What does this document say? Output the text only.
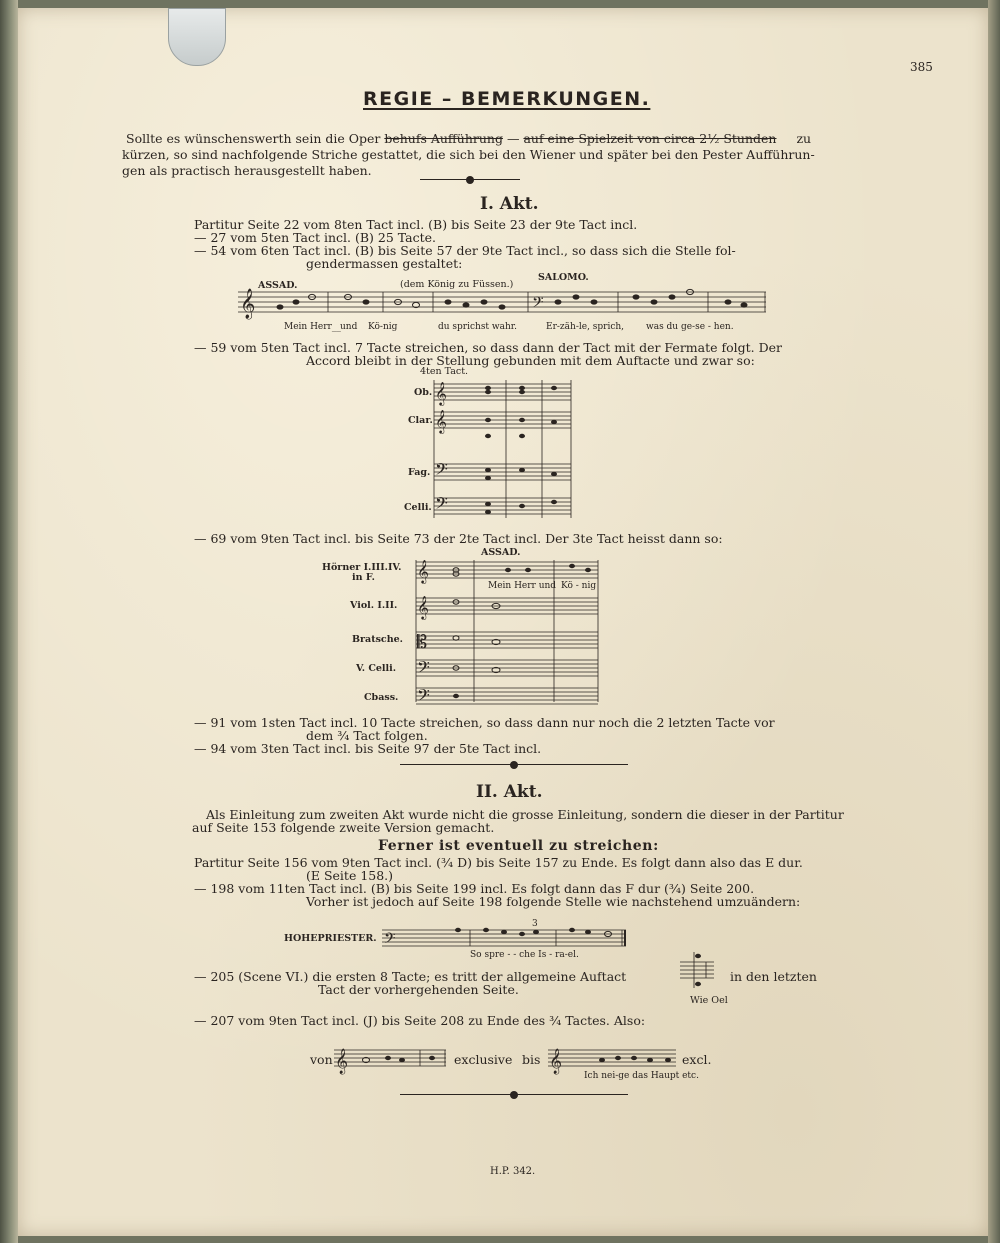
385
REGIE – BEMERKUNGEN.
Sollte es wünschenswerth sein die Oper behufs Aufführung — auf eine Spielzeit von circa 2½ Stunden zu
kürzen, so sind nachfolgende Striche gestattet, die sich bei den Wiener und später bei den Pester Aufführun-
gen als practisch herausgestellt haben.
I. Akt.
Partitur Seite 22 vom 8ten Tact incl. (B) bis Seite 23 der 9te Tact incl.
— 27 vom 5ten Tact incl. (B) 25 Tacte.
— 54 vom 6ten Tact incl. (B) bis Seite 57 der 9te Tact incl., so dass sich die Stelle fol-
gendermassen gestaltet:
ASSAD.	(dem König zu Füssen.)
SALOMO.
𝄞	𝄢
Mein Herr__ und Kö-nig	du sprichst wahr.	Er-zäh-le, sprich, was du ge-se - hen.
— 59 vom 5ten Tact incl. 7 Tacte streichen, so dass dann der Tact mit der Fermate folgt. Der
Accord bleibt in der Stellung gebunden mit dem Auftacte und zwar so:
4ten Tact.
Ob.
Clar.
Fag.
Celli.
𝄞
𝄞
𝄢
𝄢
— 69 vom 9ten Tact incl. bis Seite 73 der 2te Tact incl. Der 3te Tact heisst dann so:
ASSAD.
Hörner I.III.IV.
in F.
Viol. I.II.
Bratsche.
V. Celli.
Cbass.
𝄞
𝄞
𝄡
𝄢
𝄢
Mein Herr und Kö - nig
— 91 vom 1sten Tact incl. 10 Tacte streichen, so dass dann nur noch die 2 letzten Tacte vor
dem ¾ Tact folgen.
— 94 vom 3ten Tact incl. bis Seite 97 der 5te Tact incl.
II. Akt.
Als Einleitung zum zweiten Akt wurde nicht die grosse Einleitung, sondern die dieser in der Partitur
auf Seite 153 folgende zweite Version gemacht.
Ferner ist eventuell zu streichen:
Partitur Seite 156 vom 9ten Tact incl. (¾ D) bis Seite 157 zu Ende. Es folgt dann also das E dur.
(E Seite 158.)
— 198 vom 11ten Tact incl. (B) bis Seite 199 incl. Es folgt dann das F dur (¾) Seite 200.
Vorher ist jedoch auf Seite 198 folgende Stelle wie nachstehend umzuändern:
HOHEPRIESTER. 𝄢
3
So spre - - che Is - ra-el.
— 205 (Scene VI.) die ersten 8 Tacte; es tritt der allgemeine Auftact	in den letzten
Tact der vorhergehenden Seite.
Wie Oel
— 207 vom 9ten Tact incl. (J) bis Seite 208 zu Ende des ¾ Tactes. Also:
von 𝄞	exclusive bis 𝄞	excl.
Ich nei-ge das Haupt etc.
H.P. 342.
